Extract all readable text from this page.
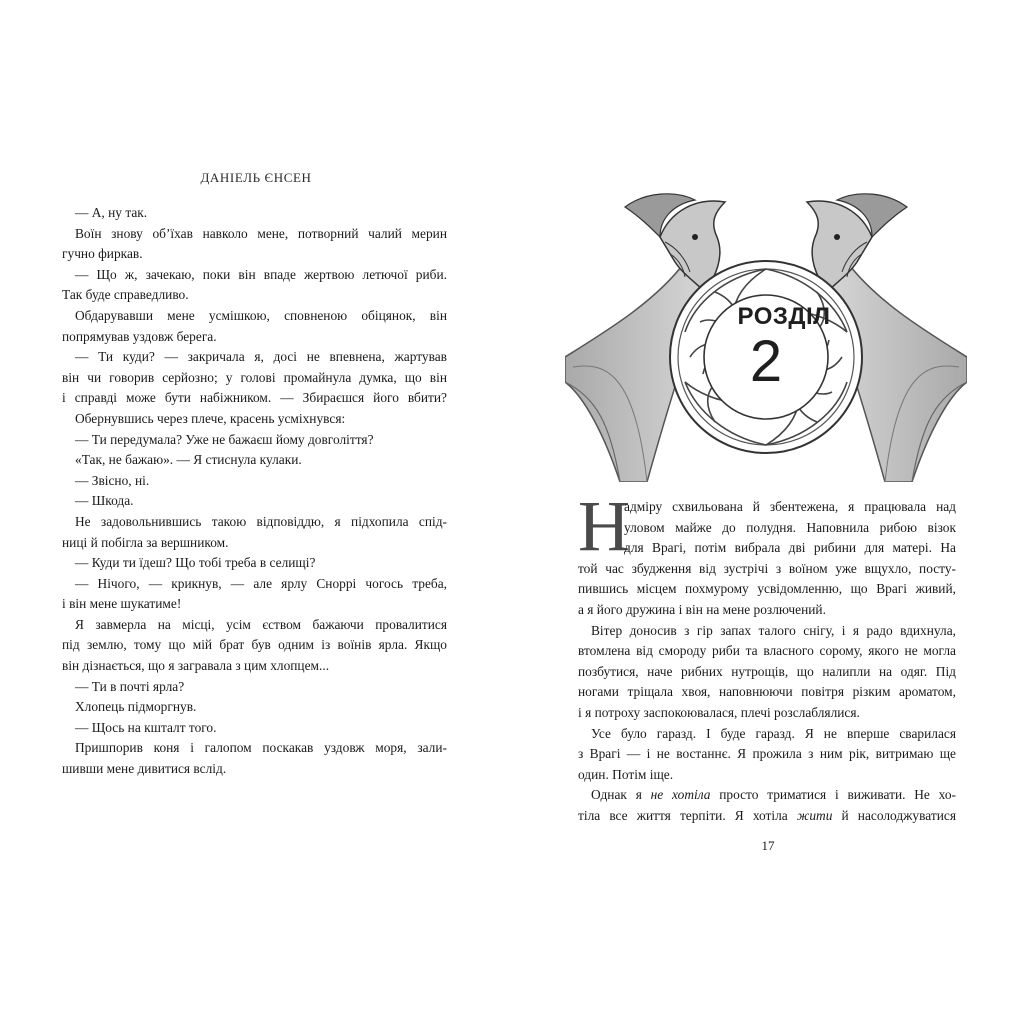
ДАНІЕЛЬ ЄНСЕН

— А, ну так.

Воїн знову об’їхав навколо мене, потворний чалий мерин

гучно фиркав.

— Що ж, зачекаю, поки він впаде жертвою летючої риби.

Так буде справедливо.

Обдарувавши мене усмішкою, сповненою обіцянок, він

попрямував уздовж берега.

— Ти куди? — закричала я, досі не впевнена, жартував

він чи говорив серйозно; у голові промайнула думка, що він

і справді може бути набіжником. — Збираєшся його вбити?

Обернувшись через плече, красень усміхнувся:

— Ти передумала? Уже не бажаєш йому довголіття?

«Так, не бажаю». — Я стиснула кулаки.

— Звісно, ні.

— Шкода.

Не задовольнившись такою відповіддю, я підхопила спід-

ниці й побігла за вершником.

— Куди ти їдеш? Що тобі треба в селищі?

— Нічого, — крикнув, — але ярлу Сноррі чогось треба,

і він мене шукатиме!

Я завмерла на місці, усім єством бажаючи провалитися

під землю, тому що мій брат був одним із воїнів ярла. Якщо

він дізнається, що я загравала з цим хлопцем...

— Ти в почті ярла?

Хлопець підморгнув.

— Щось на кшталт того.

Пришпорив коня і галопом поскакав уздовж моря, зали-

шивши мене дивитися вслід.

17
РОЗДІЛ
2
Н

адміру схвильована й збентежена, я працювала над

уловом майже до полудня. Наповнила рибою візок

для Врагі, потім вибрала дві рибини для матері. На

той час збудження від зустрічі з воїном уже вщухло, посту-

пившись місцем похмурому усвідомленню, що Врагі живий,

а я його дружина і він на мене розлючений.

Вітер доносив з гір запах талого снігу, і я радо вдихнула,

втомлена від смороду риби та власного сорому, якого не могла

позбутися, наче рибних нутрощів, що налипли на одяг. Під

ногами тріщала хвоя, наповнюючи повітря різким ароматом,

і я потроху заспокоювалася, плечі розслаблялися.

Усе було гаразд. І буде гаразд. Я не вперше сварилася

з Врагі — і не востаннє. Я прожила з ним рік, витримаю ще

один. Потім іще.

Однак я не хотіла просто триматися і виживати. Не хо-

тіла все життя терпіти. Я хотіла жити й насолоджуватися
